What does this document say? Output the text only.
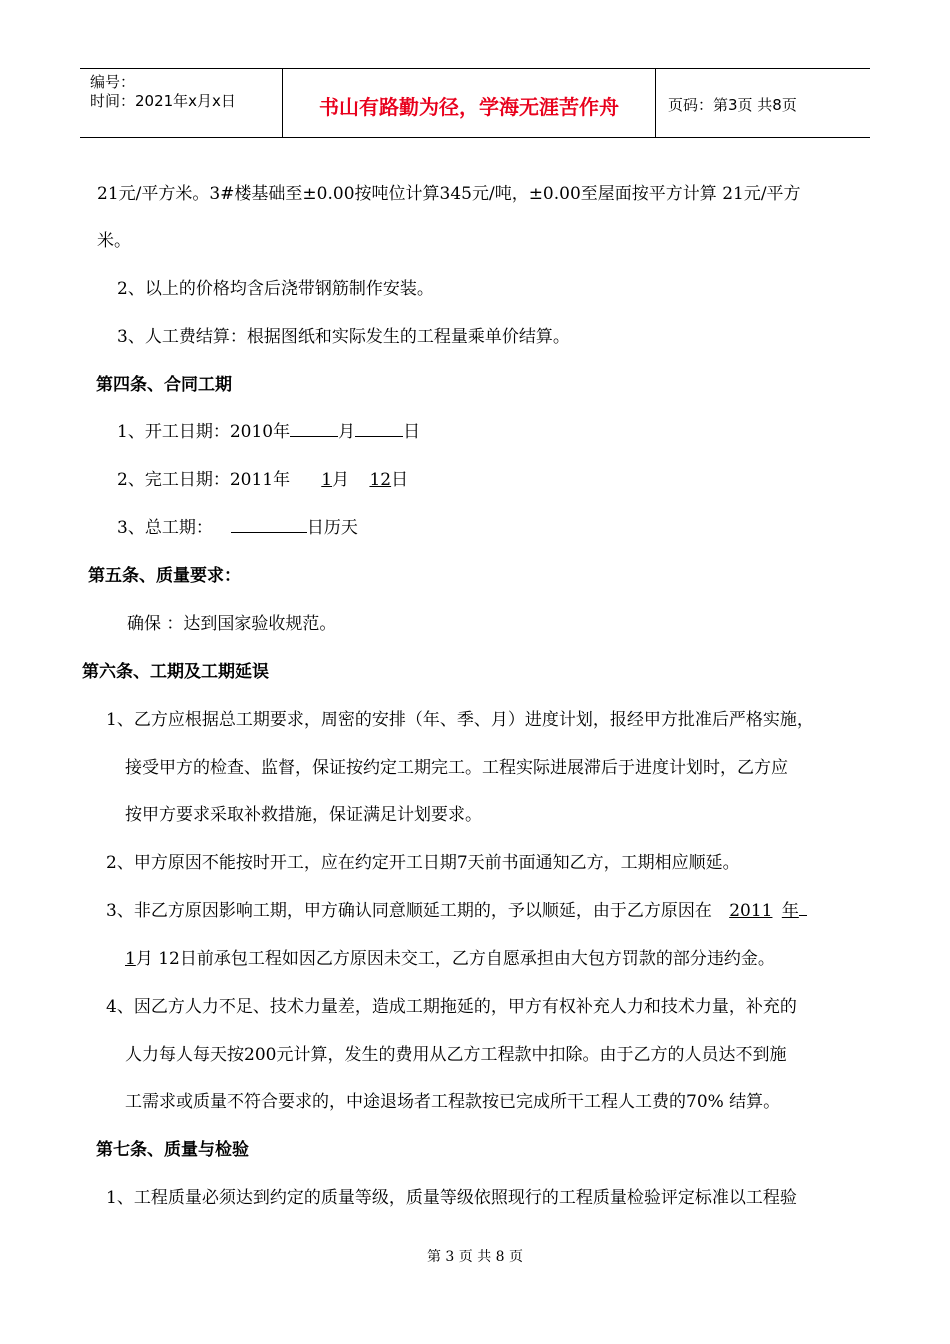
编号：
时间：2021年x月x日	书山有路勤为径，学海无涯苦作舟	页码：第3页 共8页
21元/平方米。3#楼基础至±0.00按吨位计算345元/吨，±0.00至屋面按平方计算 21元/平方
米。
2、以上的价格均含后浇带钢筋制作安装。
3、人工费结算：根据图纸和实际发生的工程量乘单价结算。
第四条、合同工期
1、开工日期：2010年	月	日
2、完工日期：2011年 1月 12日
3、总工期：	日历天
第五条、质量要求：
确保 ：达到国家验收规范。
第六条、工期及工期延误
1、乙方应根据总工期要求，周密的安排（年、季、月）进度计划，报经甲方批准后严格实施，
接受甲方的检查、监督，保证按约定工期完工。工程实际进展滞后于进度计划时，乙方应
按甲方要求采取补救措施，保证满足计划要求。
2、甲方原因不能按时开工，应在约定开工日期7天前书面通知乙方，工期相应顺延。
3、非乙方原因影响工期，甲方确认同意顺延工期的，予以顺延，由于乙方原因在 2011 年
1月 12日前承包工程如因乙方原因未交工，乙方自愿承担由大包方罚款的部分违约金。
4、因乙方人力不足、技术力量差，造成工期拖延的，甲方有权补充人力和技术力量，补充的
人力每人每天按200元计算，发生的费用从乙方工程款中扣除。由于乙方的人员达不到施
工需求或质量不符合要求的，中途退场者工程款按已完成所干工程人工费的70% 结算。
第七条、质量与检验
1、工程质量必须达到约定的质量等级，质量等级依照现行的工程质量检验评定标准以工程验
第 3 页 共 8 页
